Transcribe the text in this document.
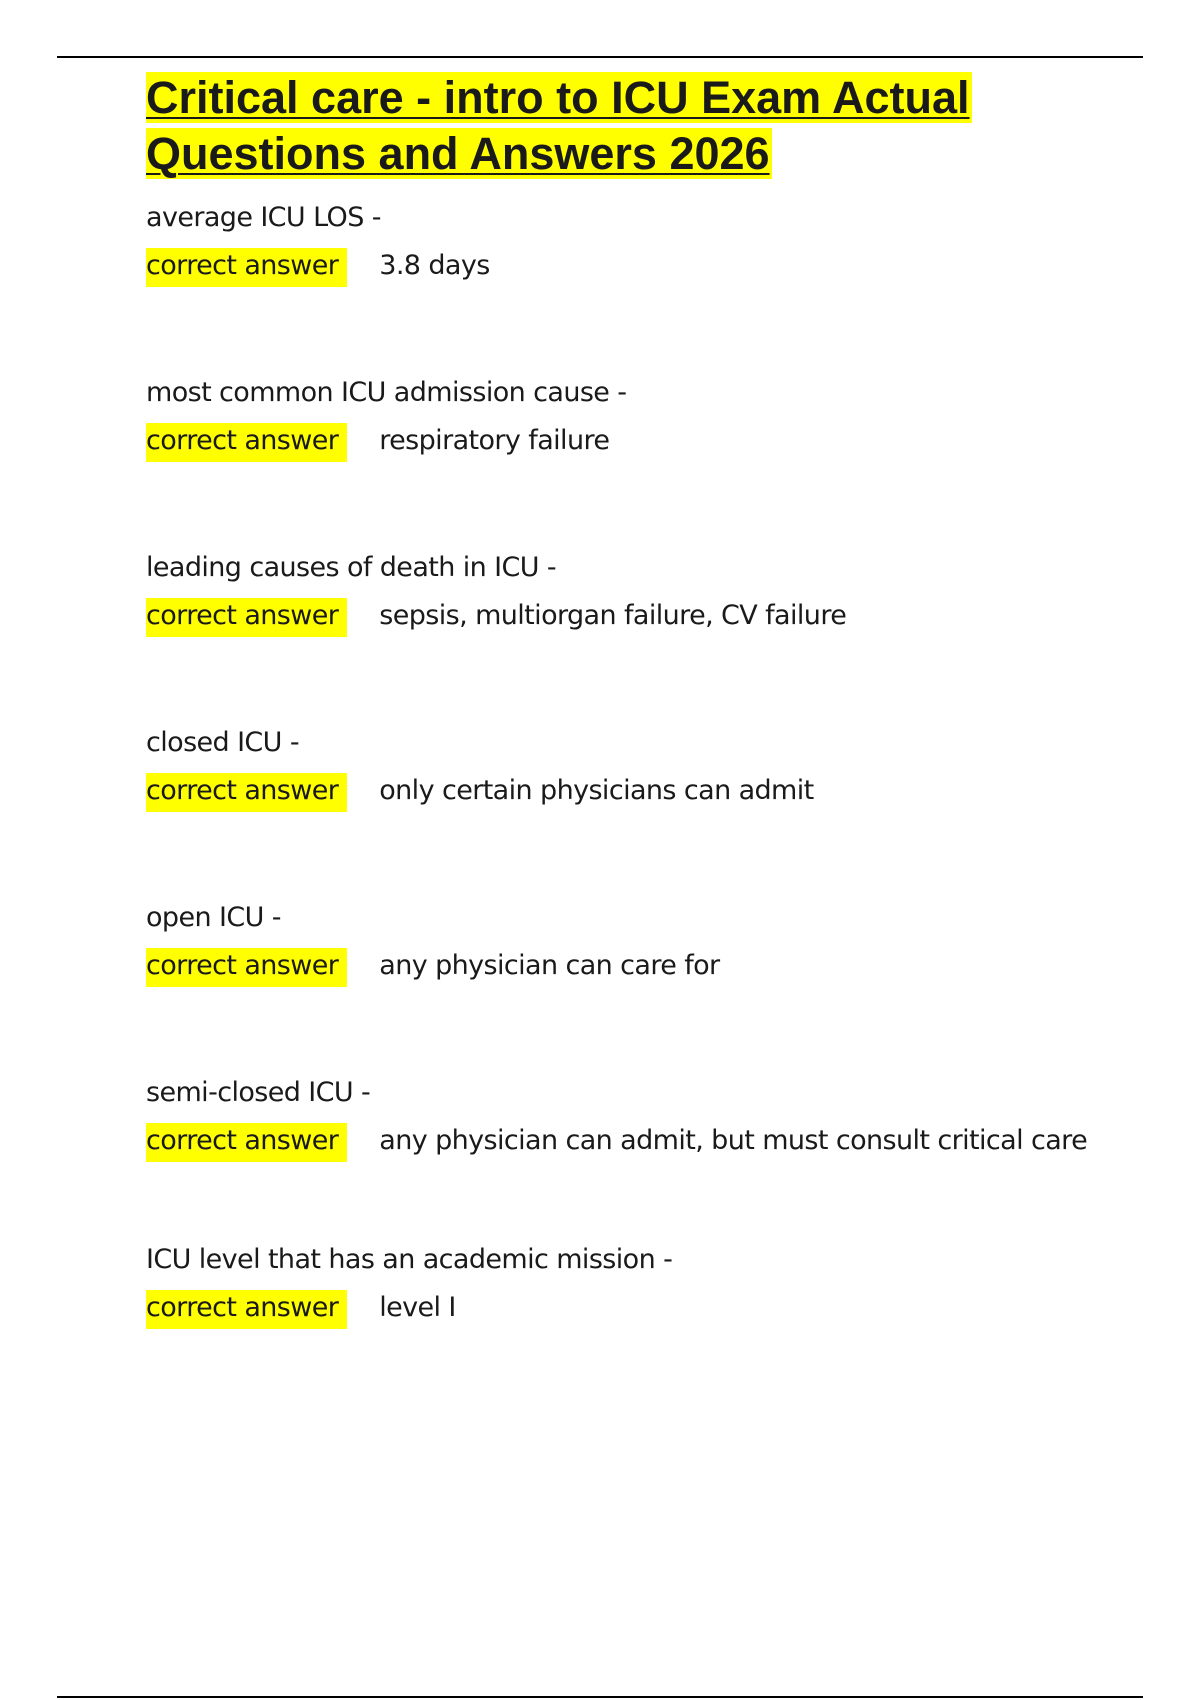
Critical care - intro to ICU Exam Actual Questions and Answers 2026
average ICU LOS -
correct answer 3.8 days
most common ICU admission cause -
correct answer respiratory failure
leading causes of death in ICU -
correct answer sepsis, multiorgan failure, CV failure
closed ICU -
correct answer only certain physicians can admit
open ICU -
correct answer any physician can care for
semi-closed ICU -
correct answer any physician can admit, but must consult critical care
ICU level that has an academic mission -
correct answer level I
